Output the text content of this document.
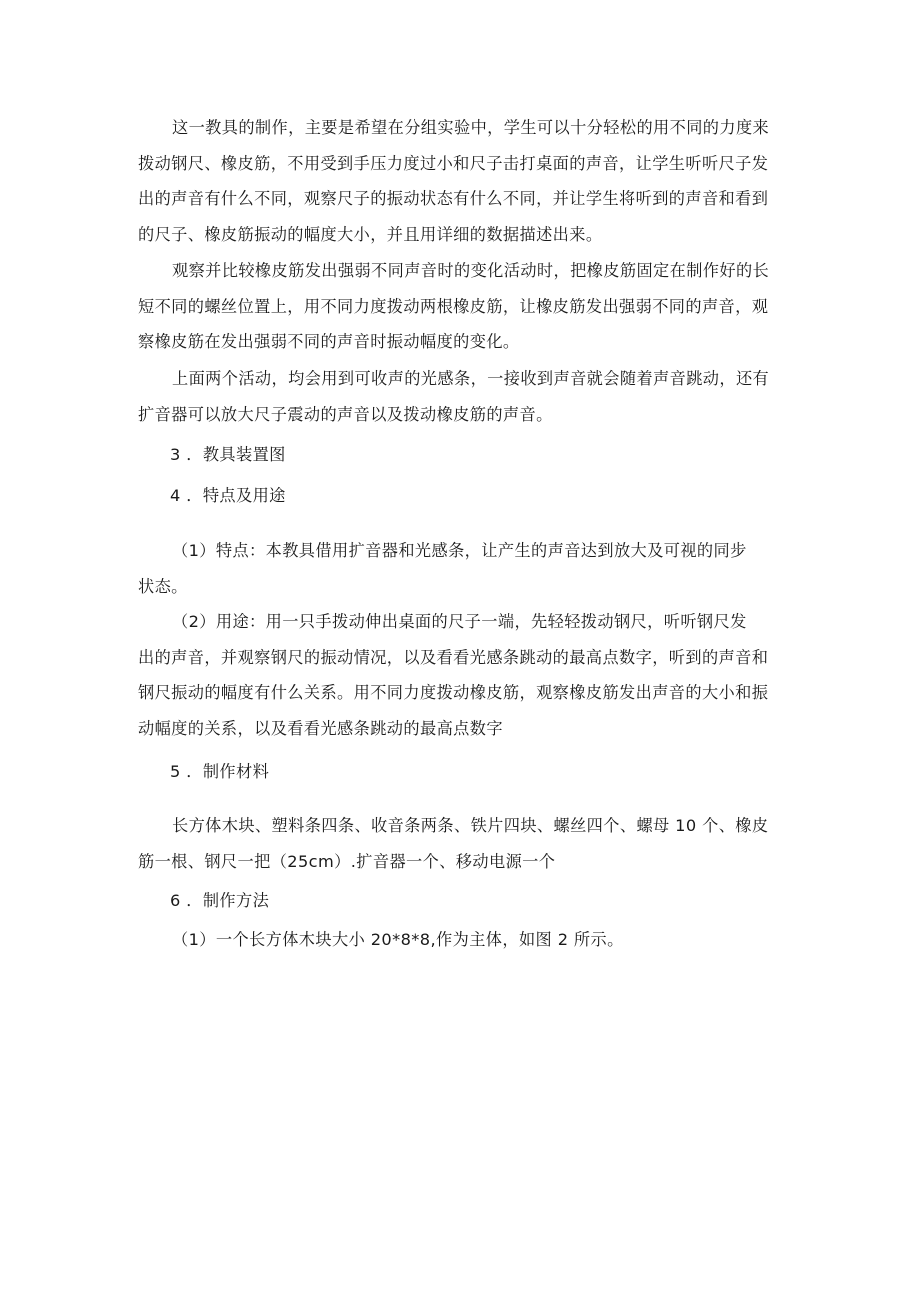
这一教具的制作，主要是希望在分组实验中，学生可以十分轻松的用不同的力度来
拨动钢尺、橡皮筋，不用受到手压力度过小和尺子击打桌面的声音，让学生听听尺子发
出的声音有什么不同，观察尺子的振动状态有什么不同，并让学生将听到的声音和看到
的尺子、橡皮筋振动的幅度大小，并且用详细的数据描述出来。
观察并比较橡皮筋发出强弱不同声音时的变化活动时，把橡皮筋固定在制作好的长
短不同的螺丝位置上，用不同力度拨动两根橡皮筋，让橡皮筋发出强弱不同的声音，观
察橡皮筋在发出强弱不同的声音时振动幅度的变化。
上面两个活动，均会用到可收声的光感条，一接收到声音就会随着声音跳动，还有
扩音器可以放大尺子震动的声音以及拨动橡皮筋的声音。
3 ．教具装置图
4 ．特点及用途
（1）特点：本教具借用扩音器和光感条，让产生的声音达到放大及可视的同步
状态。
（2）用途：用一只手拨动伸出桌面的尺子一端，先轻轻拨动钢尺，听听钢尺发
出的声音，并观察钢尺的振动情况，以及看看光感条跳动的最高点数字，听到的声音和
钢尺振动的幅度有什么关系。用不同力度拨动橡皮筋，观察橡皮筋发出声音的大小和振
动幅度的关系，以及看看光感条跳动的最高点数字
5 ．制作材料
长方体木块、塑料条四条、收音条两条、铁片四块、螺丝四个、螺母 10 个、橡皮
筋一根、钢尺一把（25cm）.扩音器一个、移动电源一个
6 ．制作方法
（1）一个长方体木块大小 20*8*8,作为主体，如图 2 所示。
